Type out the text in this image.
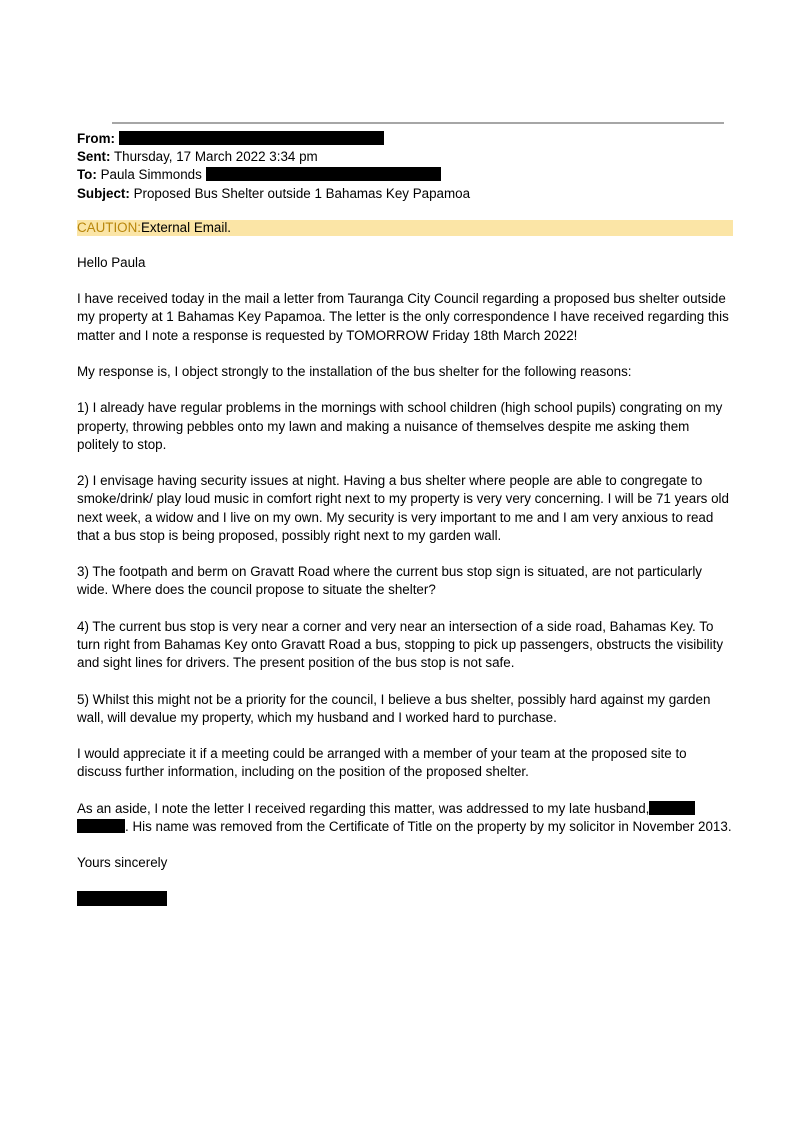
From:
Sent: Thursday, 17 March 2022 3:34 pm
To: Paula Simmonds
Subject: Proposed Bus Shelter outside 1 Bahamas Key Papamoa
CAUTION:External Email.

Hello Paula

I have received today in the mail a letter from Tauranga City Council regarding a proposed bus shelter outside my property at 1 Bahamas Key Papamoa. The letter is the only correspondence I have received regarding this matter and I note a response is requested by TOMORROW Friday 18th March 2022!

My response is, I object strongly to the installation of the bus shelter for the following reasons:

1) I already have regular problems in the mornings with school children (high school pupils) congrating on my property, throwing pebbles onto my lawn and making a nuisance of themselves despite me asking them politely to stop.

2) I envisage having security issues at night. Having a bus shelter where people are able to congregate to smoke/drink/ play loud music in comfort right next to my property is very very concerning. I will be 71 years old next week, a widow and I live on my own. My security is very important to me and I am very anxious to read that a bus stop is being proposed, possibly right next to my garden wall.

3) The footpath and berm on Gravatt Road where the current bus stop sign is situated, are not particularly wide. Where does the council propose to situate the shelter?

4) The current bus stop is very near a corner and very near an intersection of a side road, Bahamas Key. To turn right from Bahamas Key onto Gravatt Road a bus, stopping to pick up passengers, obstructs the visibility and sight lines for drivers. The present position of the bus stop is not safe.

5) Whilst this might not be a priority for the council, I believe a bus shelter, possibly hard against my garden wall, will devalue my property, which my husband and I worked hard to purchase.

I would appreciate it if a meeting could be arranged with a member of your team at the proposed site to discuss further information, including on the position of the proposed shelter.

As an aside, I note the letter I received regarding this matter, was addressed to my late husband, . His name was removed from the Certificate of Title on the property by my solicitor in November 2013.

Yours sincerely
